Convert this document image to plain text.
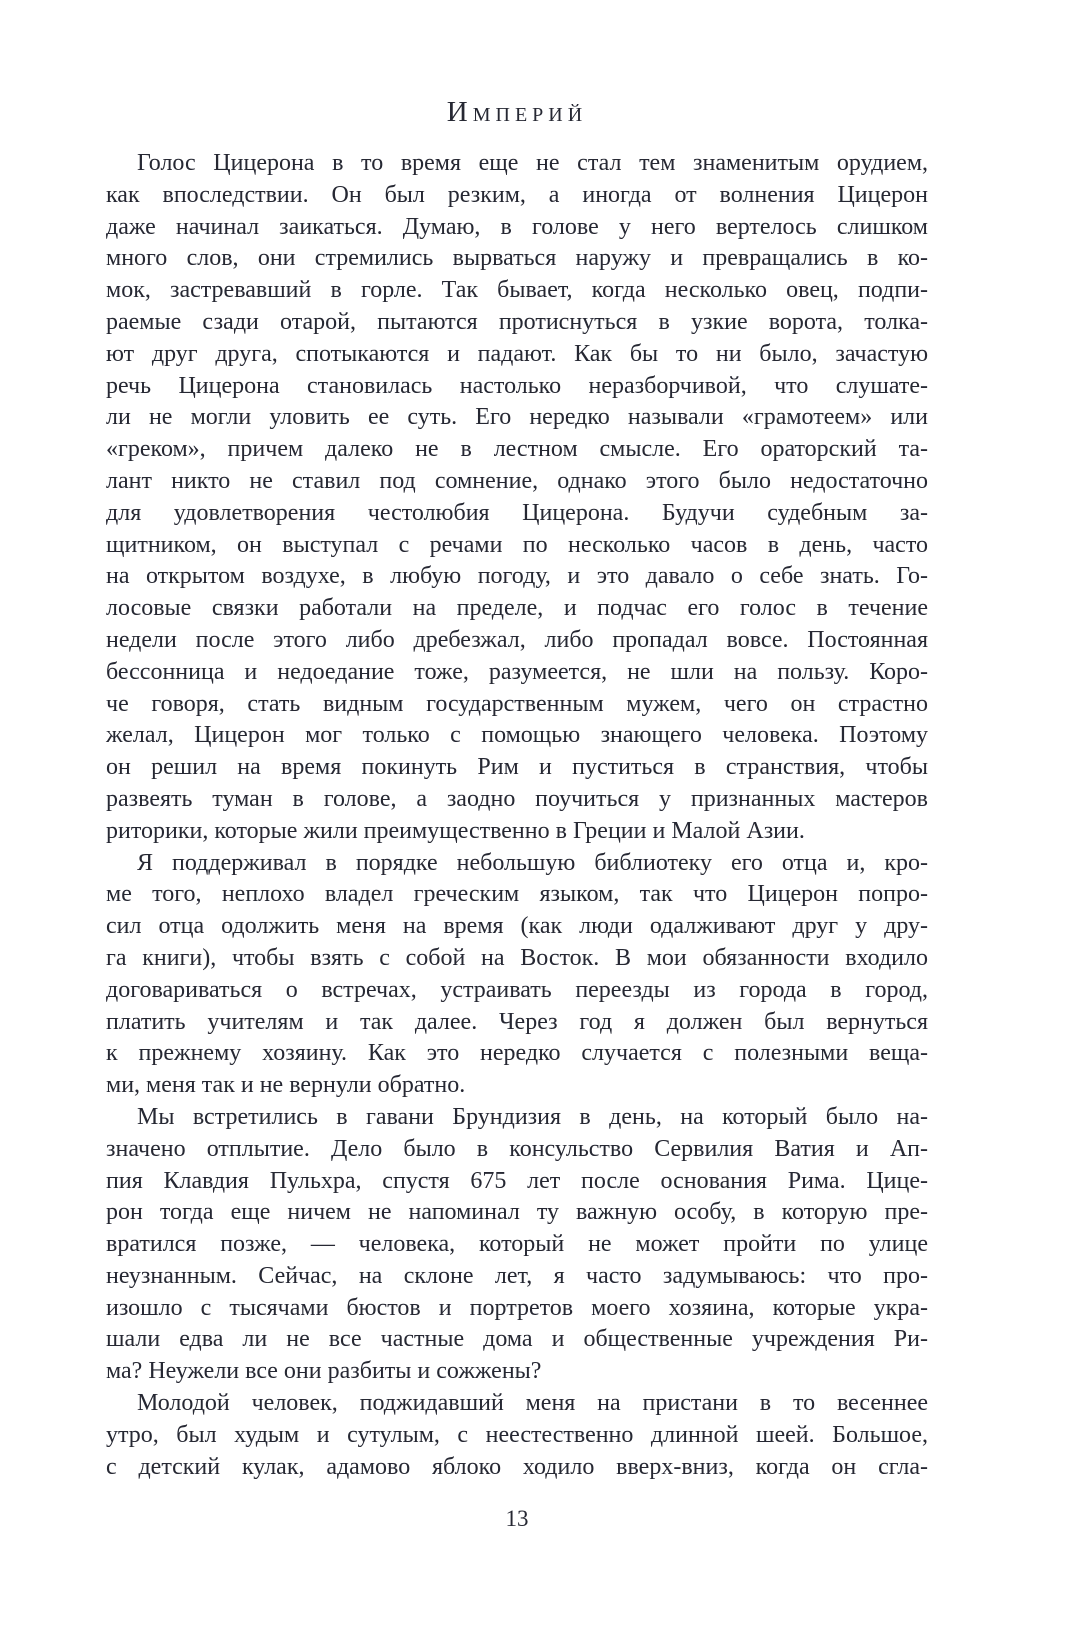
Империй
Голос Цицерона в то время еще не стал тем знаменитым орудием,
как впоследствии. Он был резким, а иногда от волнения Цицерон
даже начинал заикаться. Думаю, в голове у него вертелось слишком
много слов, они стремились вырваться наружу и превращались в ко-
мок, застревавший в горле. Так бывает, когда несколько овец, подпи-
раемые сзади отарой, пытаются протиснуться в узкие ворота, толка-
ют друг друга, спотыкаются и падают. Как бы то ни было, зачастую
речь Цицерона становилась настолько неразборчивой, что слушате-
ли не могли уловить ее суть. Его нередко называли «грамотеем» или
«греком», причем далеко не в лестном смысле. Его ораторский та-
лант никто не ставил под сомнение, однако этого было недостаточно
для удовлетворения честолюбия Цицерона. Будучи судебным за-
щитником, он выступал с речами по несколько часов в день, часто
на открытом воздухе, в любую погоду, и это давало о себе знать. Го-
лосовые связки работали на пределе, и подчас его голос в течение
недели после этого либо дребезжал, либо пропадал вовсе. Постоянная
бессонница и недоедание тоже, разумеется, не шли на пользу. Коро-
че говоря, стать видным государственным мужем, чего он страстно
желал, Цицерон мог только с помощью знающего человека. Поэтому
он решил на время покинуть Рим и пуститься в странствия, чтобы
развеять туман в голове, а заодно поучиться у признанных мастеров
риторики, которые жили преимущественно в Греции и Малой Азии.
Я поддерживал в порядке небольшую библиотеку его отца и, кро-
ме того, неплохо владел греческим языком, так что Цицерон попро-
сил отца одолжить меня на время (как люди одалживают друг у дру-
га книги), чтобы взять с собой на Восток. В мои обязанности входило
договариваться о встречах, устраивать переезды из города в город,
платить учителям и так далее. Через год я должен был вернуться
к прежнему хозяину. Как это нередко случается с полезными веща-
ми, меня так и не вернули обратно.
Мы встретились в гавани Брундизия в день, на который было на-
значено отплытие. Дело было в консульство Сервилия Ватия и Ап-
пия Клавдия Пульхра, спустя 675 лет после основания Рима. Цице-
рон тогда еще ничем не напоминал ту важную особу, в которую пре-
вратился позже, — человека, который не может пройти по улице
неузнанным. Сейчас, на склоне лет, я часто задумываюсь: что про-
изошло с тысячами бюстов и портретов моего хозяина, которые укра-
шали едва ли не все частные дома и общественные учреждения Ри-
ма? Неужели все они разбиты и сожжены?
Молодой человек, поджидавший меня на пристани в то весеннее
утро, был худым и сутулым, с неестественно длинной шеей. Большое,
с детский кулак, адамово яблоко ходило вверх-вниз, когда он сгла-
13
